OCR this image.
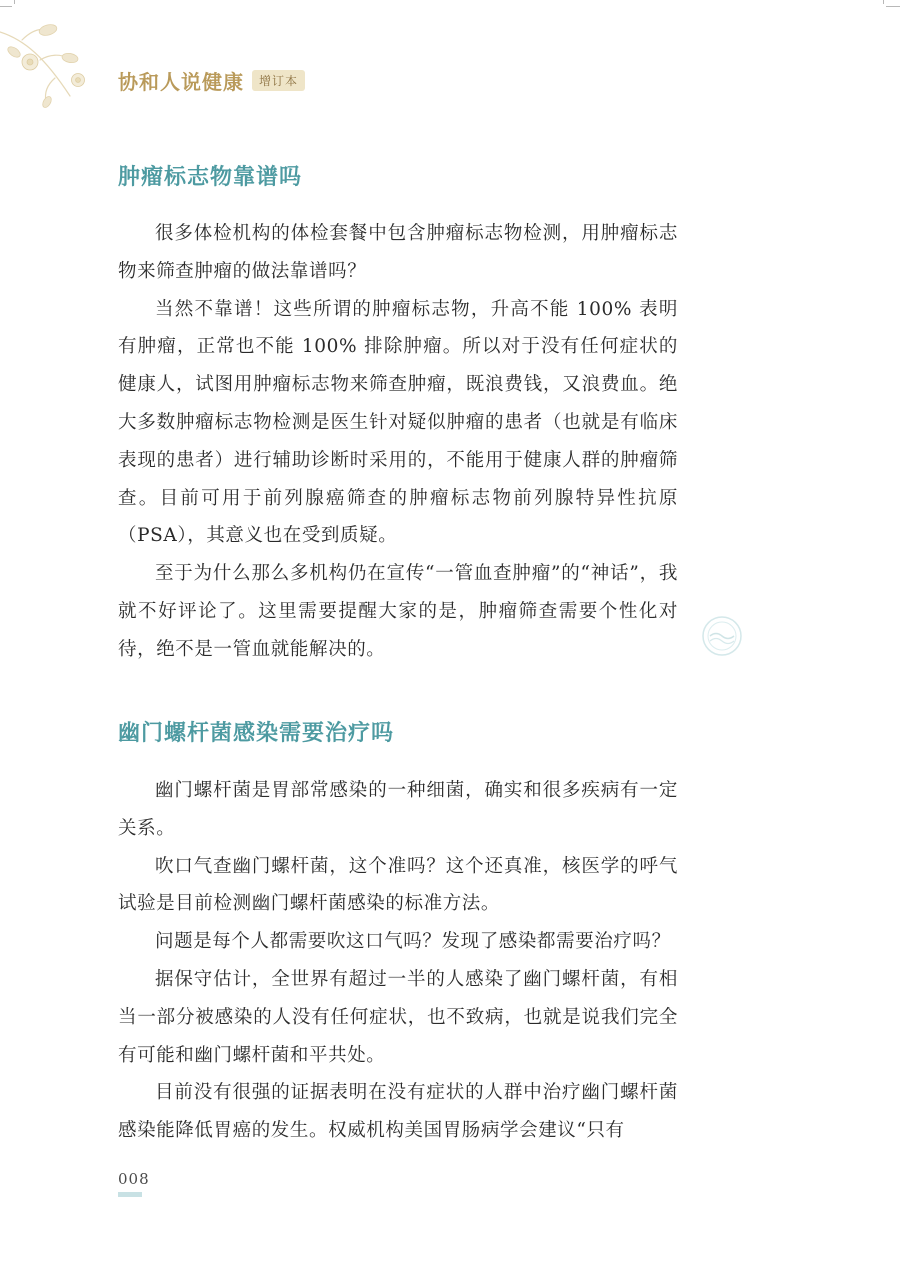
协和人说健康	增订本
肿瘤标志物靠谱吗

很多体检机构的体检套餐中包含肿瘤标志物检测，用肿瘤标志物来筛查肿瘤的做法靠谱吗？

当然不靠谱！这些所谓的肿瘤标志物，升高不能 100% 表明有肿瘤，正常也不能 100% 排除肿瘤。所以对于没有任何症状的健康人，试图用肿瘤标志物来筛查肿瘤，既浪费钱，又浪费血。绝大多数肿瘤标志物检测是医生针对疑似肿瘤的患者（也就是有临床表现的患者）进行辅助诊断时采用的，不能用于健康人群的肿瘤筛查。目前可用于前列腺癌筛查的肿瘤标志物前列腺特异性抗原（PSA），其意义也在受到质疑。

至于为什么那么多机构仍在宣传“一管血查肿瘤”的“神话”，我就不好评论了。这里需要提醒大家的是，肿瘤筛查需要个性化对待，绝不是一管血就能解决的。

幽门螺杆菌感染需要治疗吗

幽门螺杆菌是胃部常感染的一种细菌，确实和很多疾病有一定关系。

吹口气查幽门螺杆菌，这个准吗？这个还真准，核医学的呼气试验是目前检测幽门螺杆菌感染的标准方法。

问题是每个人都需要吹这口气吗？发现了感染都需要治疗吗？

据保守估计，全世界有超过一半的人感染了幽门螺杆菌，有相当一部分被感染的人没有任何症状，也不致病，也就是说我们完全有可能和幽门螺杆菌和平共处。

目前没有很强的证据表明在没有症状的人群中治疗幽门螺杆菌感染能降低胃癌的发生。权威机构美国胃肠病学会建议“只有

008
